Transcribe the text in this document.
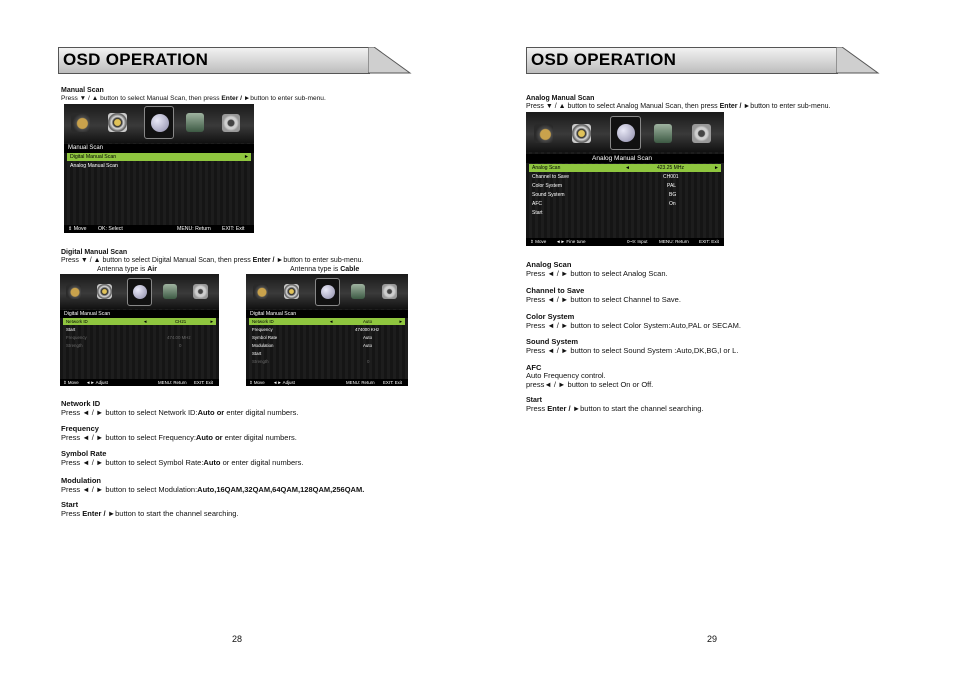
OSD OPERATION
Manual Scan
Press ▼ / ▲ button to select Manual Scan, then press Enter / ►button to enter sub-menu.
Manual Scan
Digital Manual Scan	►
Analog Manual Scan
⇕ Move OK: Select	MENU: Return EXIT: Exit
Digital Manual Scan
Press ▼ / ▲ button to select Digital Manual Scan, then press Enter / ►button to enter sub-menu.
Antenna type is Air	Antenna type is Cable
Digital Manual Scan
Network ID	◄	CH21	►
Start
Frequency	474.00 MHz
Strength	0
⇕ Move ◄► Adjust	MENU: Return EXIT: Exit
Digital Manual Scan
Network ID	◄	Auto	►
Frequency	474000 KHz
Symbol Rate	Auto
Modulation	Auto
Start
Strength	0
⇕ Move ◄► Adjust	MENU: Return EXIT: Exit
Network ID
Press ◄ / ► button to select Network ID:Auto or enter digital numbers.
Frequency
Press ◄ / ► button to select Frequency:Auto or enter digital numbers.
Symbol Rate
Press ◄ / ► button to select Symbol Rate:Auto or enter digital numbers.
Modulation
Press ◄ / ► button to select Modulation:Auto,16QAM,32QAM,64QAM,128QAM,256QAM.
Start
Press Enter / ►button to start the channel searching.
28
OSD OPERATION
Analog Manual Scan
Press ▼ / ▲ button to select Analog Manual Scan, then press Enter / ►button to enter sub-menu.
Analog Manual Scan
Analog Scan	◄	423.25 MHz	►
Channel to Save	CH001
Color System	PAL
Sound System	BG
AFC	On
Start
⇕ Move ◄► Fine tune	0~9: Input MENU: Return EXIT: Exit
Analog Scan
Press ◄ / ► button to select Analog Scan.
Channel to Save
Press ◄ / ► button to select Channel to Save.
Color System
Press ◄ / ► button to select Color System:Auto,PAL or SECAM.
Sound System
Press ◄ / ► button to select Sound System :Auto,DK,BG,I or L.
AFC
Auto Frequency control.
press◄ / ► button to select On or Off.
Start
Press Enter / ►button to start the channel searching.
29
